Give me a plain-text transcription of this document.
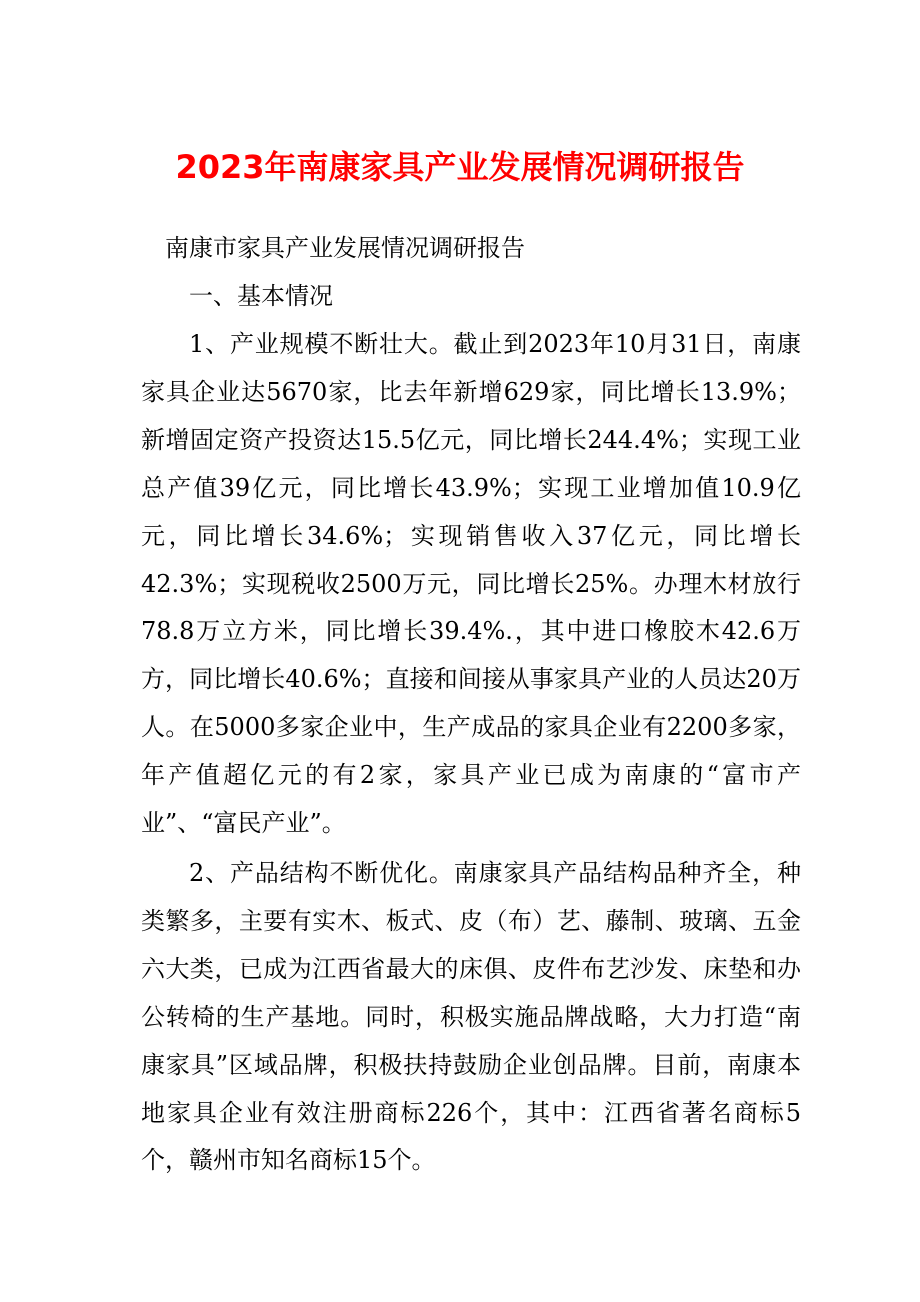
2023年南康家具产业发展情况调研报告

南康市家具产业发展情况调研报告

一、基本情况

1、产业规模不断壮大。截止到2023年10月31日，南康家具企业达5670家，比去年新增629家，同比增长13.9%；新增固定资产投资达15.5亿元，同比增长244.4%；实现工业总产值39亿元，同比增长43.9%；实现工业增加值10.9亿元，同比增长34.6%；实现销售收入37亿元，同比增长42.3%；实现税收2500万元，同比增长25%。办理木材放行78.8万立方米，同比增长39.4%.，其中进口橡胶木42.6万方，同比增长40.6%；直接和间接从事家具产业的人员达20万人。在5000多家企业中，生产成品的家具企业有2200多家，年产值超亿元的有2家，家具产业已成为南康的“富市产业”、“富民产业”。

2、产品结构不断优化。南康家具产品结构品种齐全，种类繁多，主要有实木、板式、皮（布）艺、藤制、玻璃、五金六大类，已成为江西省最大的床俱、皮件布艺沙发、床垫和办公转椅的生产基地。同时，积极实施品牌战略，大力打造“南康家具”区域品牌，积极扶持鼓励企业创品牌。目前，南康本地家具企业有效注册商标226个，其中：江西省著名商标5个，赣州市知名商标15个。
